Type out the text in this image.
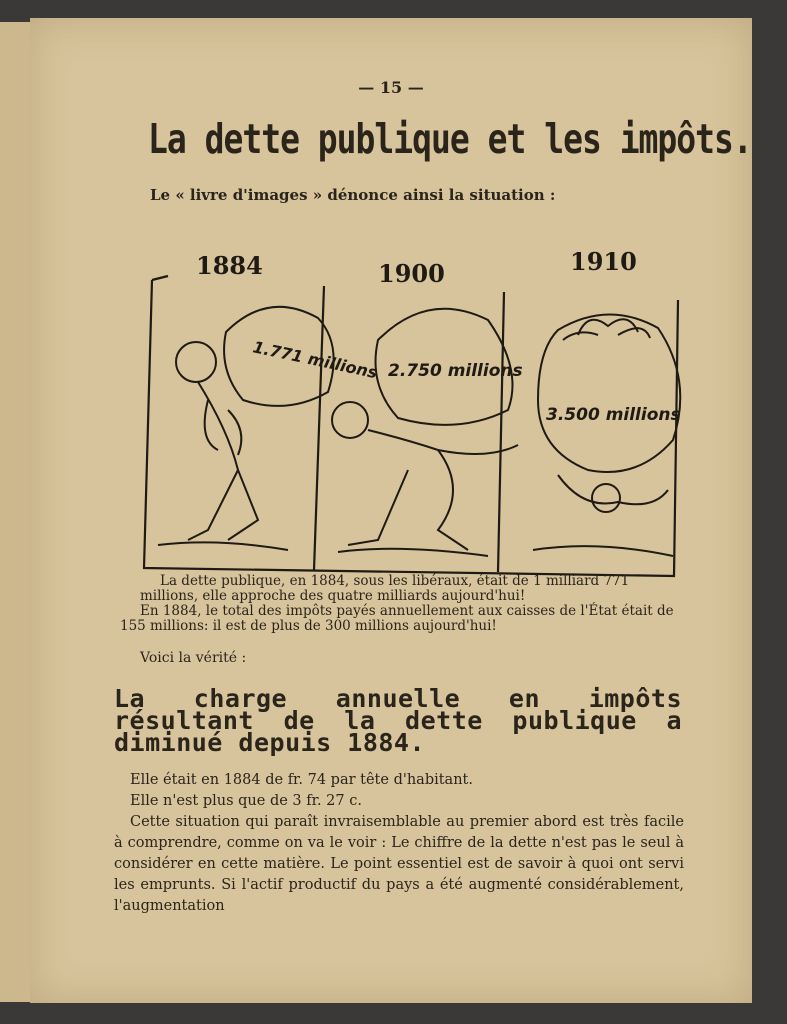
— 15 —
La dette publique et les impôts.
Le « livre d'images » dénonce ainsi la situation :
1884	1900	1910
1.771 millions 2.750 millions
3.500 millions
La dette publique, en 1884, sous les libéraux, était de 1 milliard 771 millions, elle approche des quatre milliards aujourd'hui!
En 1884, le total des impôts payés annuellement aux caisses de l'État était de 155 millions: il est de plus de 300 millions aujourd'hui!
Voici la vérité :
La charge annuelle en impôts résultant de la dette publique a diminué depuis 1884.
Elle était en 1884 de fr. 74 par tête d'habitant.
Elle n'est plus que de 3 fr. 27 c.
Cette situation qui paraît invraisemblable au premier abord est très facile à comprendre, comme on va le voir : Le chiffre de la dette n'est pas le seul à considérer en cette matière. Le point essentiel est de savoir à quoi ont servi les emprunts. Si l'actif productif du pays a été augmenté considérablement, l'augmentation
